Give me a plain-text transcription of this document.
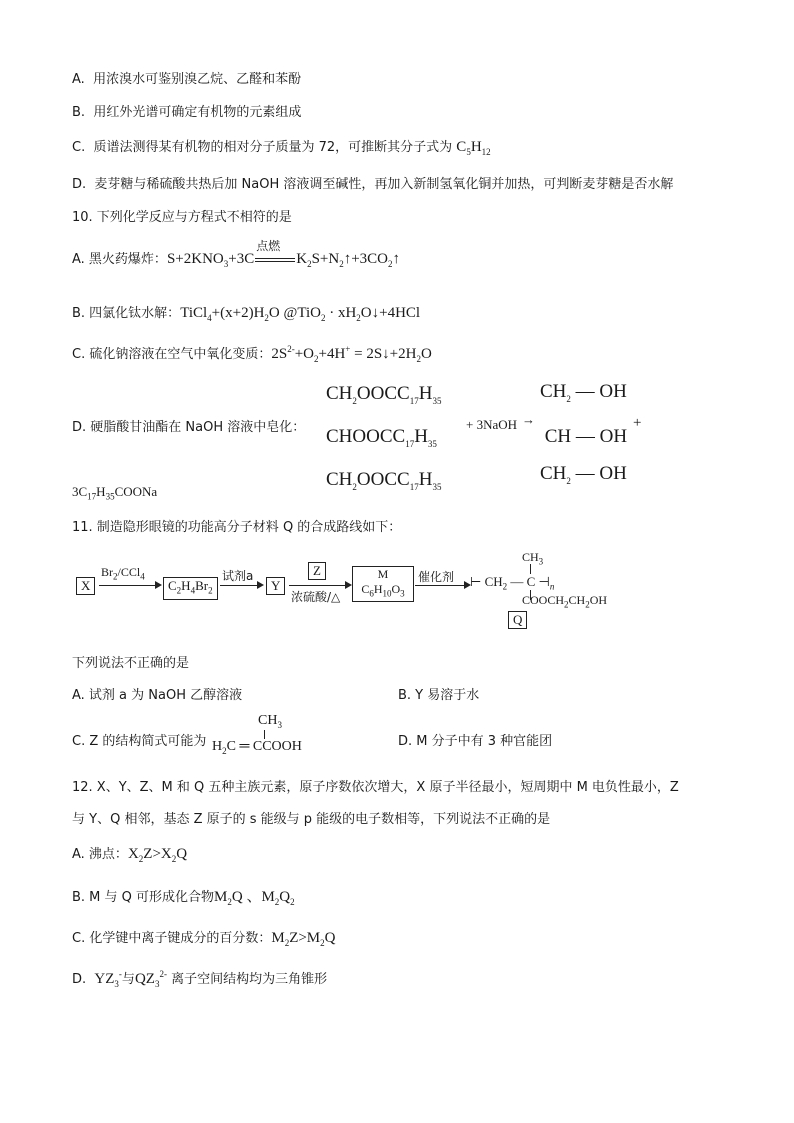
A. 用浓溴水可鉴别溴乙烷、乙醛和苯酚
B. 用红外光谱可确定有机物的元素组成
C. 质谱法测得某有机物的相对分子质量为 72，可推断其分子式为 $C_5H_{12}$
D. 麦芽糖与稀硫酸共热后加 NaOH 溶液调至碱性，再加入新制氢氧化铜并加热，可判断麦芽糖是否水解
10. 下列化学反应与方程式不相符的是
A. 黑火药爆炸：$S+2KNO_3+3C$
点燃
$K_2S+N_2↑+3CO_2↑$
B. 四氯化钛水解：$TiCl_4+(x+2)H_2O$ @TiO$_2$ · $xH_2O↓+4HCl$
C. 硫化钠溶液在空气中氧化变质：$2S^{2-}+O_2+4H^+$ = $2S↓+2H_2O$
D. 硬脂酸甘油酯在 NaOH 溶液中皂化：
$CH_2OOCC_{17}H_{35}$
$CHOOCC_{17}H_{35}$
$CH_2OOCC_{17}H_{35}$
+ 3NaOH →
$CH_2$ — OH
CH — OH
$CH_2$ — OH
+
$3C_{17}H_{35}COONa$
11. 制造隐形眼镜的功能高分子材料 Q 的合成路线如下：
X
$Br_2/CCl_4$
$C_2H_4Br_2$
试剂a
Y
Z
浓硫酸/△
M
$C_6H_{10}O_3$
催化剂
$CH_3$
⊢ $CH_2$ — C $⊣_n$
$COOCH_2CH_2OH$
Q
下列说法不正确的是
A. 试剂 a 为 NaOH 乙醇溶液	B. Y 易溶于水
C. Z 的结构简式可能为
$CH_3$
$H_2C$ ═ CCOOH	D. M 分子中有 3 种官能团
12. X、Y、Z、M 和 Q 五种主族元素，原子序数依次增大，X 原子半径最小，短周期中 M 电负性最小，Z
与 Y、Q 相邻，基态 Z 原子的 s 能级与 p 能级的电子数相等，下列说法不正确的是
A. 沸点：$X_2Z>X_2Q$
B. M 与 Q 可形成化合物$M_2Q$ 、$M_2Q_2$
C. 化学键中离子键成分的百分数：$M_2Z>M_2Q$
D. $YZ_3^-$与$QZ_3^{2-}$ 离子空间结构均为三角锥形
